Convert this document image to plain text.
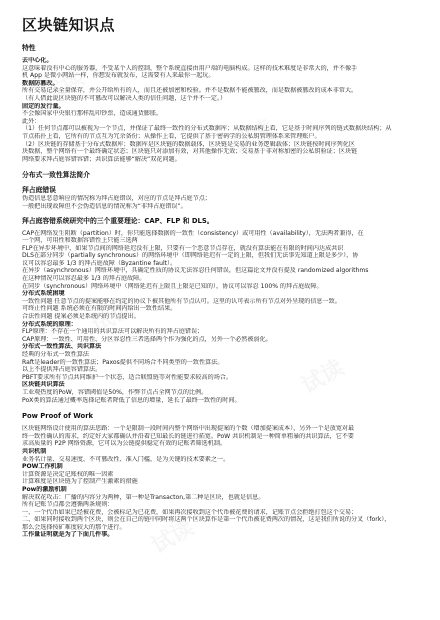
区块链知识点
特性
去中心化。
这意味着没有中心的服务器，不受某个人的控制，整个系统直接由用户端的电脑构成。这样的技术难度是非常大的，并不像手
机 App 是微小网站一样，你想发布就发布，这需要有人来最你一起玩。
数据防篡改。
所有交易记录全量保存，并公开给所有的人，而且还被加密和校验。并不是数据不能被篡改，而是数据被篡改的成本非常大。
（有人借此说区块链的不可篡改可以解决人类的信任问题，这个并不一定。）
固定的发行量。
不会像国家中央银行那样乱印钞票，造成通货膨胀。
此外：
（1）任何节点都可以被视为一个节点，并保证了最终一致性的分布式数据库；从数据结构上看，它是基于时间序列的链式数据块结构；从
节点拓扑上看，它所有的节点互为冗余备份；从操作上看，它提供了基于密码学的公私钥管理体系来管理账户。
（2）区块链的存储基于分布式数据库；数据库是区块链的数据载体，区块链是交易的业务逻辑载体；区块链按时间序列化区
块数据，整个网络有一个最终确定状态；区块链只对添加有效，对其他操作无效；交易基于非对称加密的公私钥验证；区块链
网络要求拜占庭容错容错；共识算法能够“解决”双花问题。
分布式一致性算法简介
拜占庭错误
伪造信息恶意响应的情况称为拜占庭错误，对应的节点是拜占庭节点；
一般把出现故障但不会伪造信息的情况称为“非拜占庭错误”。
拜占庭容错系统研究中的三个重要理论：CAP、FLP 和 DLS。
CAP在网络发生阻断（partition）时，你只能选择数据的一致性（consistency）或可用性（availability），无法两者兼得，在
一个网，可用性和数据容错性上只能三选两
FLP在异步环境中，如果节点间的网络延迟没有上限，只要有一个恶意节点存在，就没有算法能在有限的时间内达成共识
DLS在部分同步（partially synchronous）的网络环境中（即网络延迟有一定的上限，但我们无法事先知道上限是多少），协
议可以容忍最多 1/3 的拜占庭故障（Byzantine fault）。
在异步（asynchronous）网络环境中，具确定性质的协议无法容忍任何错误，但这篇论文并没有提及 randomized algorithms
在这种情况可以容忍最多 1/3 的拜占庭故障。
在同步（synchronous）网络环境中（网络延迟有上限且上限是已知的），协议可以容忍 100% 的拜占庭故障。
分布式系统困境
一致性问题 任意节点的提案能够在约定的协议下被其他所有节点认可。这里的认可表示所有节点对外呈现的信息一致。
可终止性问题 系统必须在有限的时间内给出一致性结果。
合法性问题 提案必须是系统内的节点提出。
分布式系统的原理：
FLP原理：不存在一个通用的共识算法可以解决所有的拜占庭错误；
CAP原理：一致性、可用性、分区容忍性三者选择两个作为强化的点，另外一个必然被弱化。
分布式一致性算法、共识算法
经典的分布式一致性算法
Raft是leader的一致性算法；Paxos提供不同场合不同类型的一致性算法。
以上不提供拜占庭容错算法。
PBFT要求所有节点共同维护一个状态，适合联盟链等对性能要求较高的场合。
区块链共识算法
工业观热度的PoW，容错阈值是50%，作弊节点占全网节点的比例。
PoX类的算法通过概率选择记账者降低了信息的增量，延长了最终一致性的时间。
Pow Proof of Work
区块链网络设计使用的算法思路：一个是限制一段时间内整个网络中出现提案的个数（增加提案成本），另外一个是放宽对最
终一致性确认的需求，约定好大家都确认并沿着已知最长的链进行拓宽。PoW 共识机制是一种简单粗暴的共识算法，它不要
求高质量的 P2P 网络资源，它可以为公链提供稳定有效的记账者筛选机制。
共识机制
业务名计量、交易速度、不可篡改性、准入门槛，是为关键的技术要素之一。
POW工作机制
计算资源是决定记账权的唯一因素
计算难度是区块链为了控制产生激素的措施
Pow的激励机制
解决双花攻击：广播的内容分为两种，第一种是Transacton,第二种是区块，也就是信息。
所有记账节点都会遵循两条规则：
一、一个代币如果已经被花费，会被标记为已花费，如果再次接收到这个代币被花费的请求，记账节点会拒绝打包这个交易；
二、如果同时接收到两个区块，则会在自己的链中同时将这两个区块算作是第一个代币被花费两次的情况，这是我们所说的分叉（fork），
那么会选择按矿难度较大的那个进行。
工作量证明就是为了下面几件事。
